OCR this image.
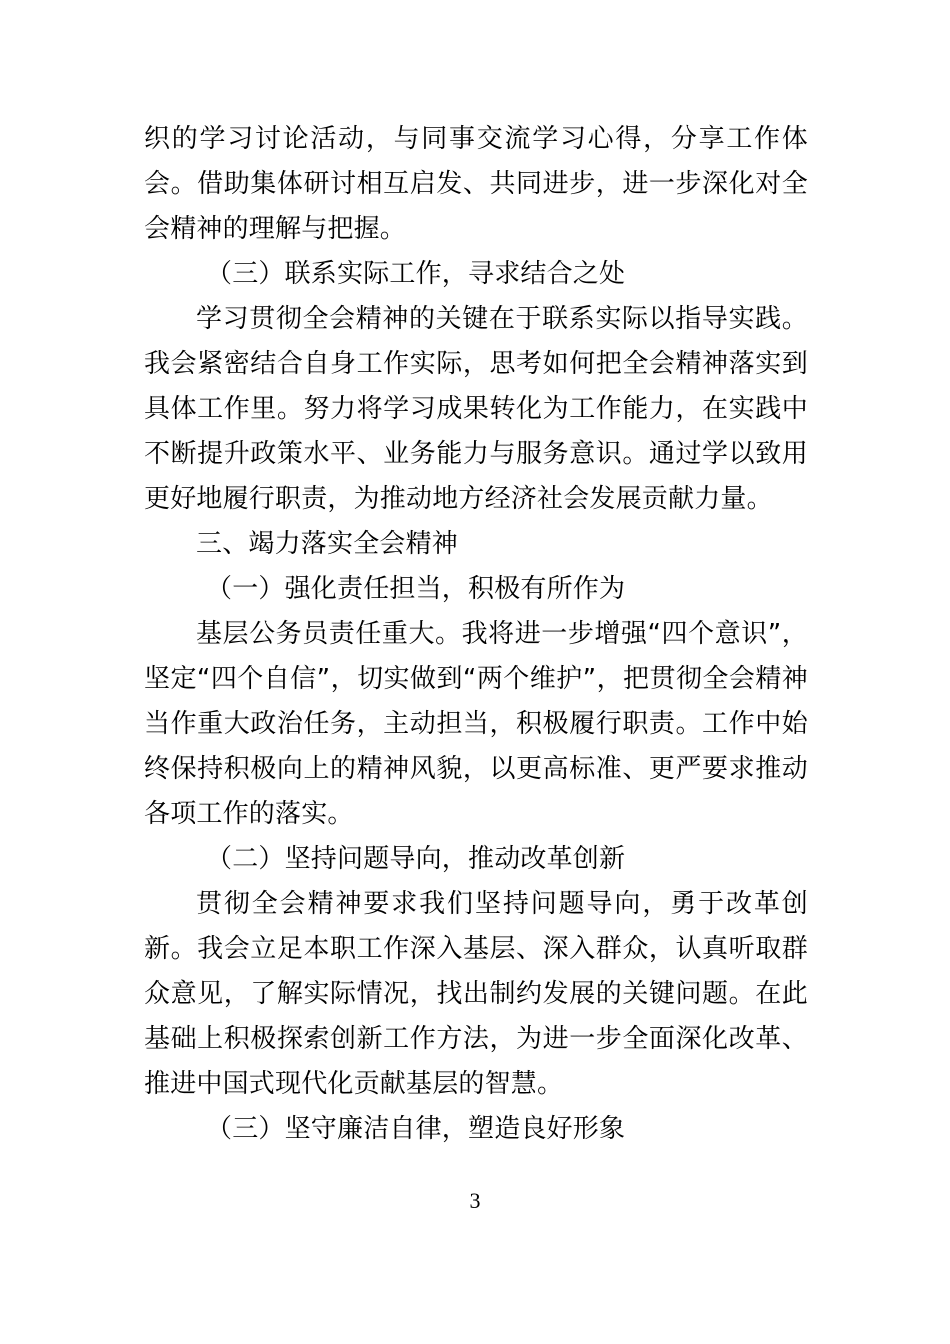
织的学习讨论活动，与同事交流学习心得，分享工作体会。借助集体研讨相互启发、共同进步，进一步深化对全会精神的理解与把握。

（三）联系实际工作，寻求结合之处

学习贯彻全会精神的关键在于联系实际以指导实践。我会紧密结合自身工作实际，思考如何把全会精神落实到具体工作里。努力将学习成果转化为工作能力，在实践中不断提升政策水平、业务能力与服务意识。通过学以致用更好地履行职责，为推动地方经济社会发展贡献力量。

三、竭力落实全会精神

（一）强化责任担当，积极有所作为

基层公务员责任重大。我将进一步增强“四个意识”，坚定“四个自信”，切实做到“两个维护”，把贯彻全会精神当作重大政治任务，主动担当，积极履行职责。工作中始终保持积极向上的精神风貌，以更高标准、更严要求推动各项工作的落实。

（二）坚持问题导向，推动改革创新

贯彻全会精神要求我们坚持问题导向，勇于改革创新。我会立足本职工作深入基层、深入群众，认真听取群众意见，了解实际情况，找出制约发展的关键问题。在此基础上积极探索创新工作方法，为进一步全面深化改革、推进中国式现代化贡献基层的智慧。

（三）坚守廉洁自律，塑造良好形象

3
